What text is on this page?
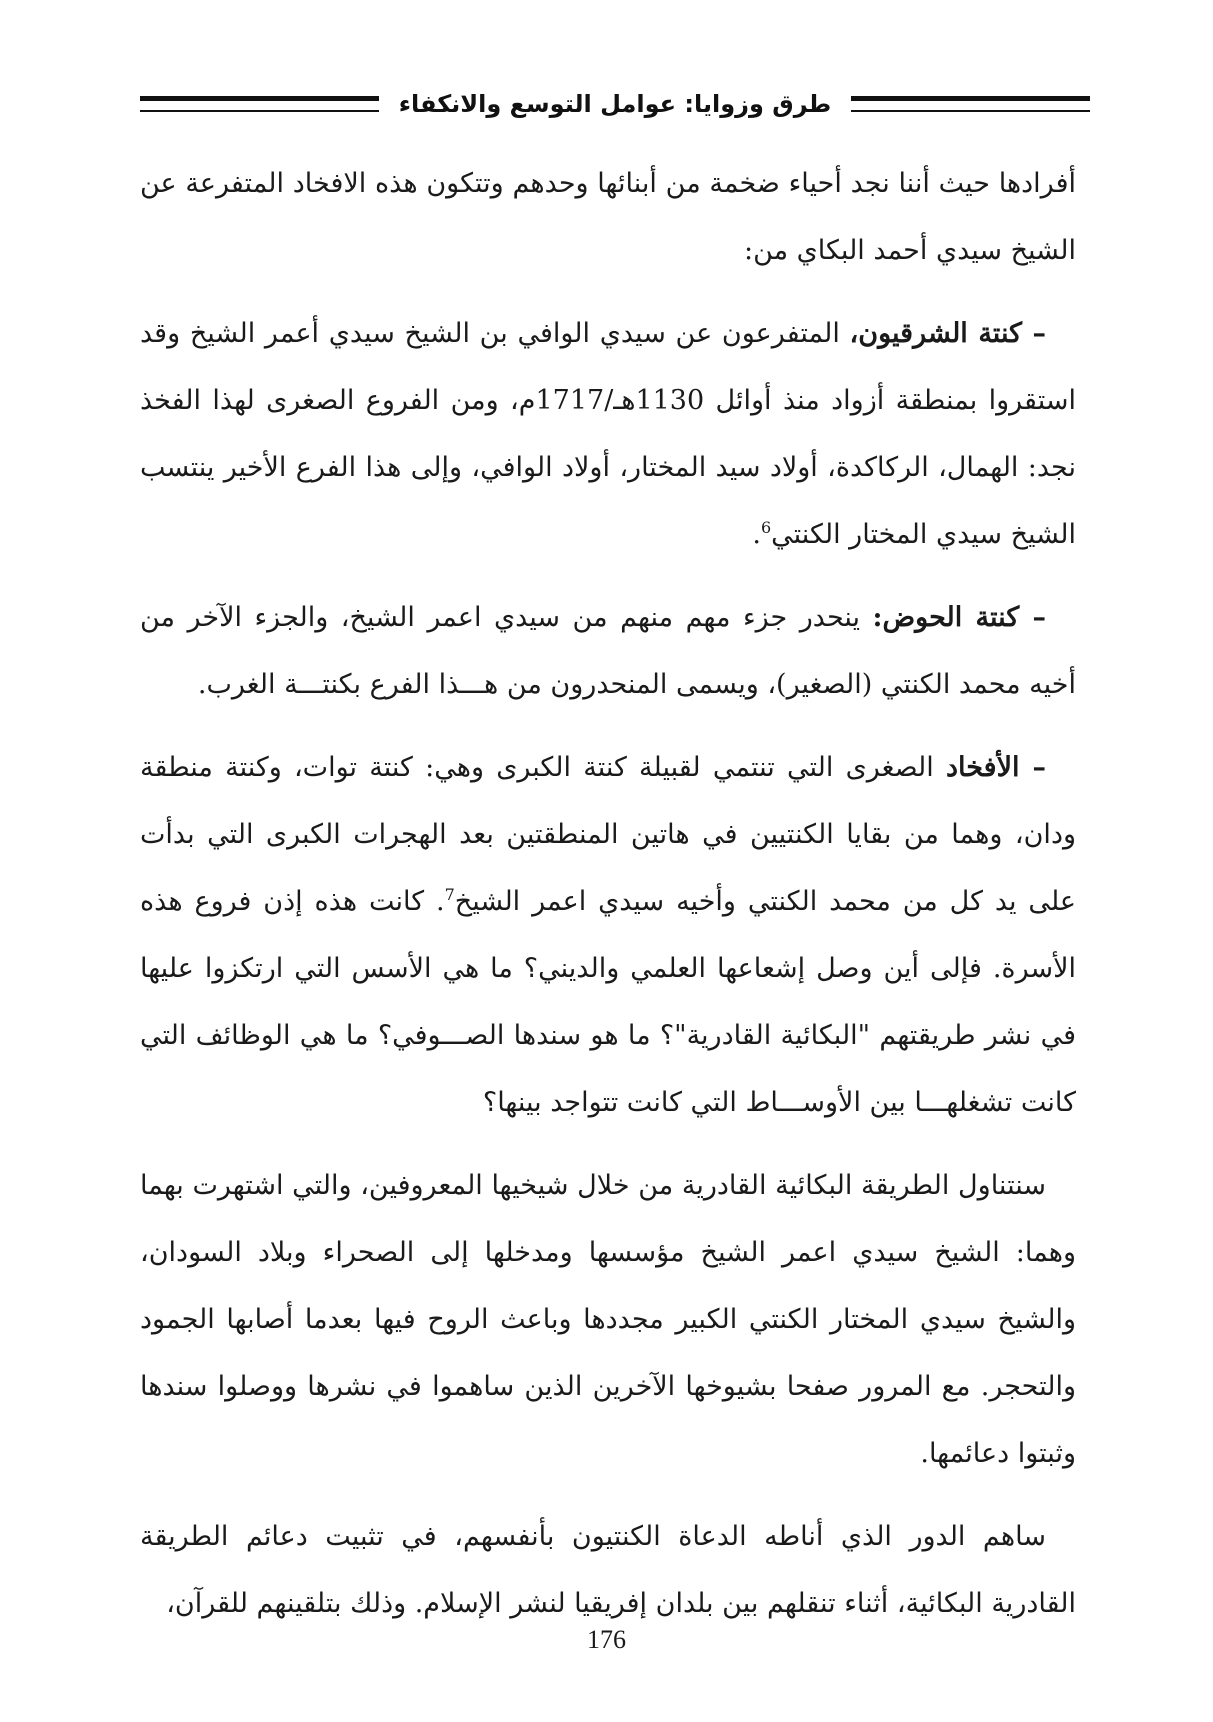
طرق وزوايا: عوامل التوسع والانكفاء

أفرادها حيث أننا نجد أحياء ضخمة من أبنائها وحدهم وتتكون هذه الافخاد المتفرعة عن الشيخ سيدي أحمد البكاي من:

– كنتة الشرقيون، المتفرعون عن سيدي الوافي بن الشيخ سيدي أعمر الشيخ وقد استقروا بمنطقة أزواد منذ أوائل 1130هـ/1717م، ومن الفروع الصغرى لهذا الفخذ نجد: الهمال، الركاكدة، أولاد سيد المختار، أولاد الوافي، وإلى هذا الفرع الأخير ينتسب الشيخ سيدي المختار الكنتي$^6$.

– كنتة الحوض: ينحدر جزء مهم منهم من سيدي اعمر الشيخ، والجزء الآخر من أخيه محمد الكنتي (الصغير)، ويسمى المنحدرون من هـــذا الفرع بكنتـــة الغرب.

– الأفخاد الصغرى التي تنتمي لقبيلة كنتة الكبرى وهي: كنتة توات، وكنتة منطقة ودان، وهما من بقايا الكنتيين في هاتين المنطقتين بعد الهجرات الكبرى التي بدأت على يد كل من محمد الكنتي وأخيه سيدي اعمر الشيخ$^7$. كانت هذه إذن فروع هذه الأسرة. فإلى أين وصل إشعاعها العلمي والديني؟ ما هي الأسس التي ارتكزوا عليها في نشر طريقتهم "البكائية القادرية"؟ ما هو سندها الصـــوفي؟ ما هي الوظائف التي كانت تشغلهـــا بين الأوســـاط التي كانت تتواجد بينها؟

سنتناول الطريقة البكائية القادرية من خلال شيخيها المعروفين، والتي اشتهرت بهما وهما: الشيخ سيدي اعمر الشيخ مؤسسها ومدخلها إلى الصحراء وبلاد السودان، والشيخ سيدي المختار الكنتي الكبير مجددها وباعث الروح فيها بعدما أصابها الجمود والتحجر. مع المرور صفحا بشيوخها الآخرين الذين ساهموا في نشرها ووصلوا سندها وثبتوا دعائمها.

ساهم الدور الذي أناطه الدعاة الكنتيون بأنفسهم، في تثبيت دعائم الطريقة القادرية البكائية، أثناء تنقلهم بين بلدان إفريقيا لنشر الإسلام. وذلك بتلقينهم للقرآن،

176
